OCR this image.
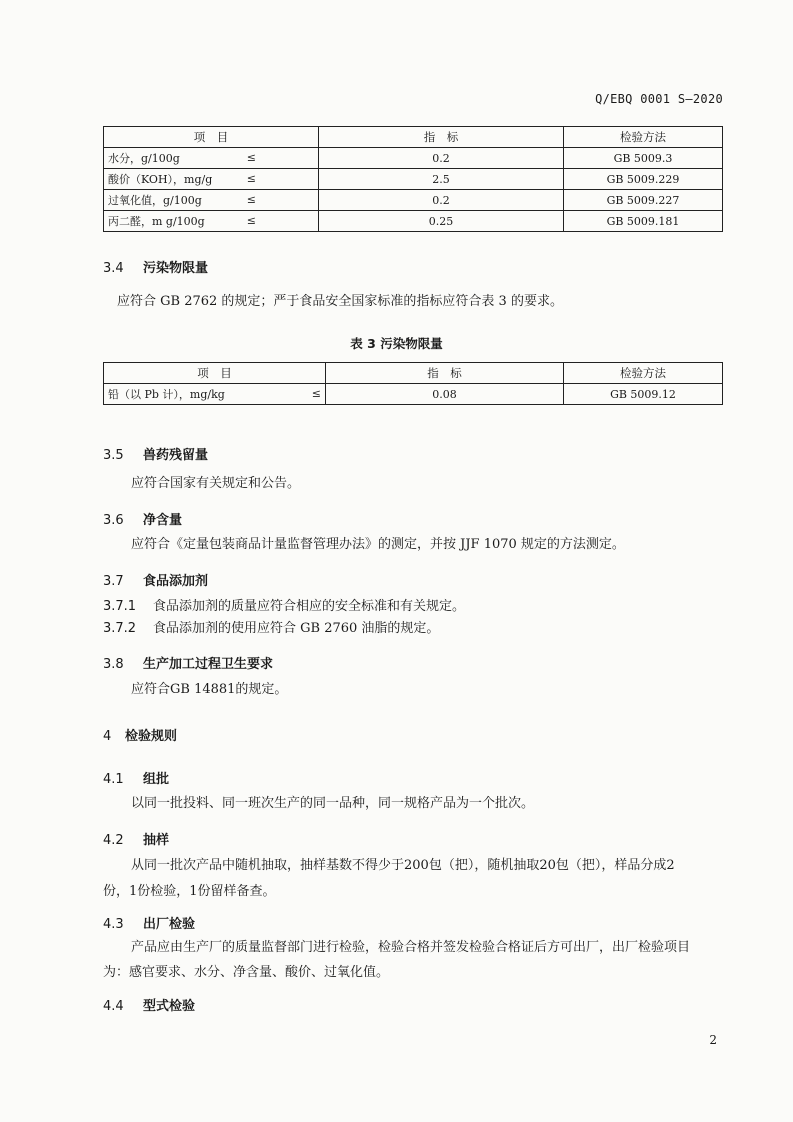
Q/EBQ 0001 S—2020
项　目	指　标	检验方法
水分，g/100g ≤	0.2	GB 5009.3
酸价（KOH），mg/g ≤	2.5	GB 5009.229
过氧化值，g/100g ≤	0.2	GB 5009.227
丙二醛，m g/100g ≤	0.25	GB 5009.181
3.4 污染物限量
应符合 GB 2762 的规定；严于食品安全国家标准的指标应符合表 3 的要求。
表 3 污染物限量
项　目	指　标	检验方法
铅（以 Pb 计），mg/kg ≤	0.08	GB 5009.12
3.5 兽药残留量
应符合国家有关规定和公告。
3.6 净含量
应符合《定量包装商品计量监督管理办法》的测定，并按 JJF 1070 规定的方法测定。
3.7 食品添加剂
3.7.1 食品添加剂的质量应符合相应的安全标准和有关规定。
3.7.2 食品添加剂的使用应符合 GB 2760 油脂的规定。
3.8 生产加工过程卫生要求
应符合GB 14881的规定。
4 检验规则
4.1 组批
以同一批投料、同一班次生产的同一品种，同一规格产品为一个批次。
4.2 抽样
从同一批次产品中随机抽取，抽样基数不得少于200包（把），随机抽取20包（把），样品分成2
份，1份检验，1份留样备查。
4.3 出厂检验
产品应由生产厂的质量监督部门进行检验，检验合格并签发检验合格证后方可出厂，出厂检验项目
为：感官要求、水分、净含量、酸价、过氧化值。
4.4 型式检验
2
